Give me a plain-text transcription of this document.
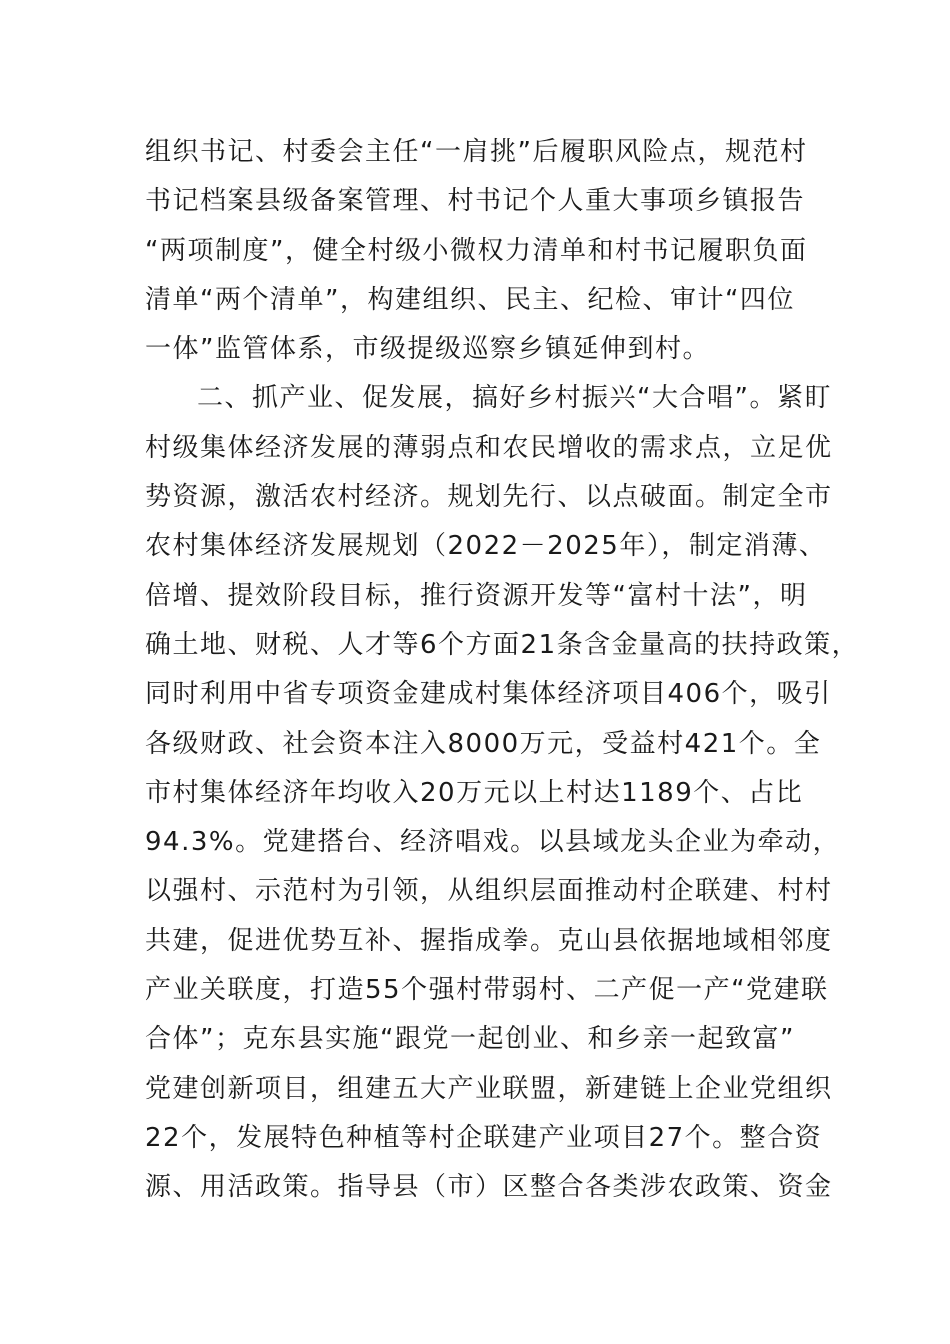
组织书记、村委会主任“一肩挑”后履职风险点，规范村
书记档案县级备案管理、村书记个人重大事项乡镇报告
“两项制度”，健全村级小微权力清单和村书记履职负面
清单“两个清单”，构建组织、民主、纪检、审计“四位
一体”监管体系，市级提级巡察乡镇延伸到村。
二、抓产业、促发展，搞好乡村振兴“大合唱”。紧盯
村级集体经济发展的薄弱点和农民增收的需求点，立足优
势资源，激活农村经济。规划先行、以点破面。制定全市
农村集体经济发展规划（2022－2025年），制定消薄、
倍增、提效阶段目标，推行资源开发等“富村十法”，明
确土地、财税、人才等6个方面21条含金量高的扶持政策，
同时利用中省专项资金建成村集体经济项目406个，吸引
各级财政、社会资本注入8000万元，受益村421个。全
市村集体经济年均收入20万元以上村达1189个、占比
94.3%。党建搭台、经济唱戏。以县域龙头企业为牵动，
以强村、示范村为引领，从组织层面推动村企联建、村村
共建，促进优势互补、握指成拳。克山县依据地域相邻度
产业关联度，打造55个强村带弱村、二产促一产“党建联
合体”；克东县实施“跟党一起创业、和乡亲一起致富”
党建创新项目，组建五大产业联盟，新建链上企业党组织
22个，发展特色种植等村企联建产业项目27个。整合资
源、用活政策。指导县（市）区整合各类涉农政策、资金
